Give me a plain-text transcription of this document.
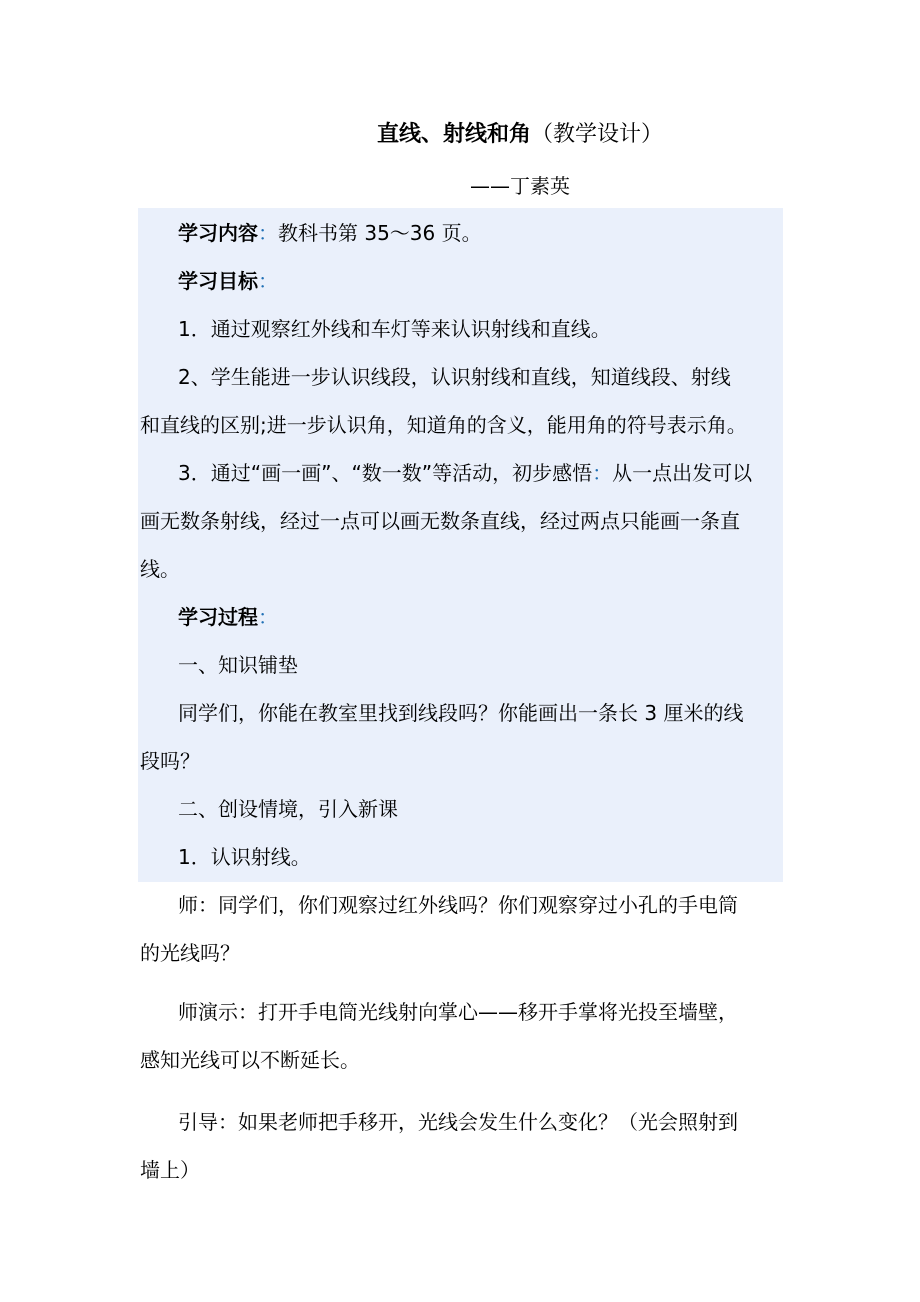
直线、射线和角（教学设计）
——丁素英
学习内容：教科书第 35～36 页。
学习目标：
1．通过观察红外线和车灯等来认识射线和直线。
2、学生能进一步认识线段，认识射线和直线，知道线段、射线
和直线的区别;进一步认识角，知道角的含义，能用角的符号表示角。
3．通过“画一画”、“数一数”等活动，初步感悟：从一点出发可以
画无数条射线，经过一点可以画无数条直线，经过两点只能画一条直
线。
学习过程：
一、知识铺垫
同学们，你能在教室里找到线段吗？你能画出一条长 3 厘米的线
段吗？
二、创设情境，引入新课
1．认识射线。
师：同学们，你们观察过红外线吗？你们观察穿过小孔的手电筒
的光线吗？
师演示：打开手电筒光线射向掌心——移开手掌将光投至墙壁，
感知光线可以不断延长。
引导：如果老师把手移开，光线会发生什么变化？（光会照射到
墙上）
